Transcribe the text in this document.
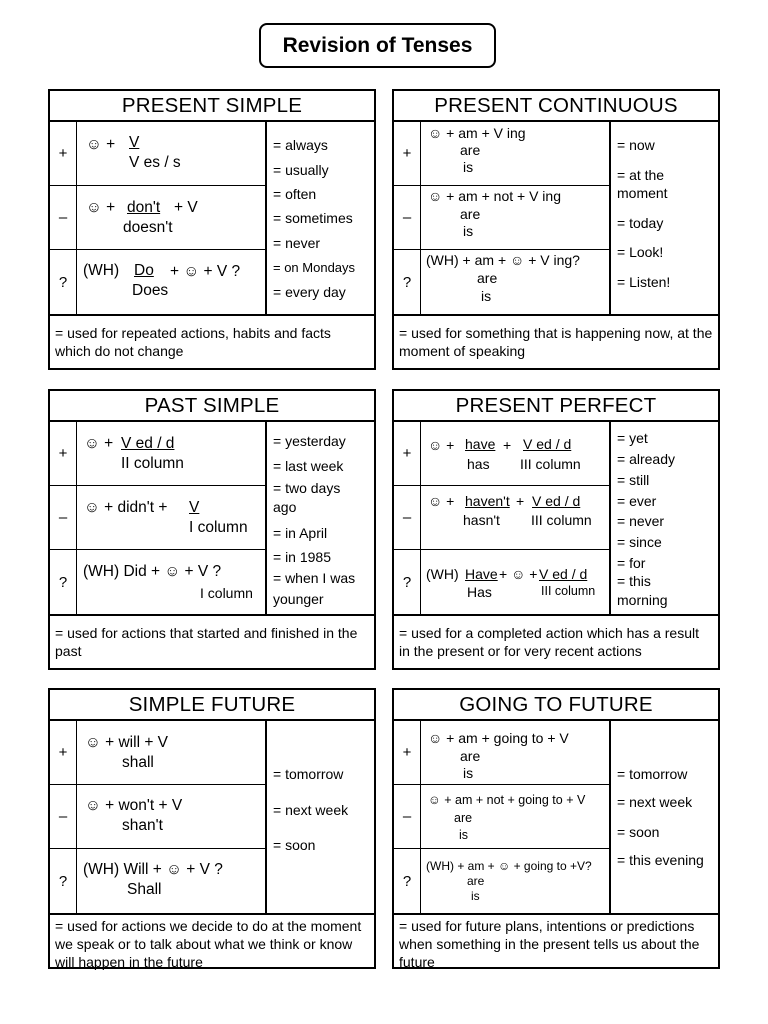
Revision of Tenses
PRESENT SIMPLE
+
☺ + V
V es / s
–
☺ + don't + V
doesn't
?
(WH) Do + ☺ + V ?
Does
= always
= usually
= often
= sometimes
= never
= on Mondays
= every day
= used for repeated actions, habits and facts which do not change
PRESENT CONTINUOUS
+
☺ + am + V ing
are
is
–
☺ + am + not + V ing
are
is
?
(WH) + am + ☺ + V ing?
are
is
= now
= at the
moment
= today
= Look!
= Listen!
= used for something that is happening now, at the moment of speaking
PAST SIMPLE
+
☺ + V ed / d
II column
–
☺ + didn't + V
I column
?
(WH) Did + ☺ + V ?
I column
= yesterday
= last week
= two days
ago
= in April
= in 1985
= when I was
younger
= used for actions that started and finished in the past
PRESENT PERFECT
+	☺ + have + V ed / d
has III column
–
☺ + haven't + V ed / d
hasn't III column
?	(WH) Have + ☺ + V ed / d
Has	III column
= yet
= already
= still
= ever
= never
= since
= for
= this
morning
= used for a completed action which has a result in the present or for very recent actions
SIMPLE FUTURE
+
☺ + will + V
shall
–
☺ + won't + V
shan't
?
(WH) Will + ☺ + V ?
Shall
= tomorrow
= next week
= soon
= used for actions we decide to do at the moment we speak or to talk about what we think or know will happen in the future
GOING TO FUTURE
+
☺ + am + going to + V
are
is
–
☺ + am + not + going to + V
are
is
?
(WH) + am + ☺ + going to +V?
are
is
= tomorrow
= next week
= soon
= this evening
= used for future plans, intentions or predictions when something in the present tells us about the future
